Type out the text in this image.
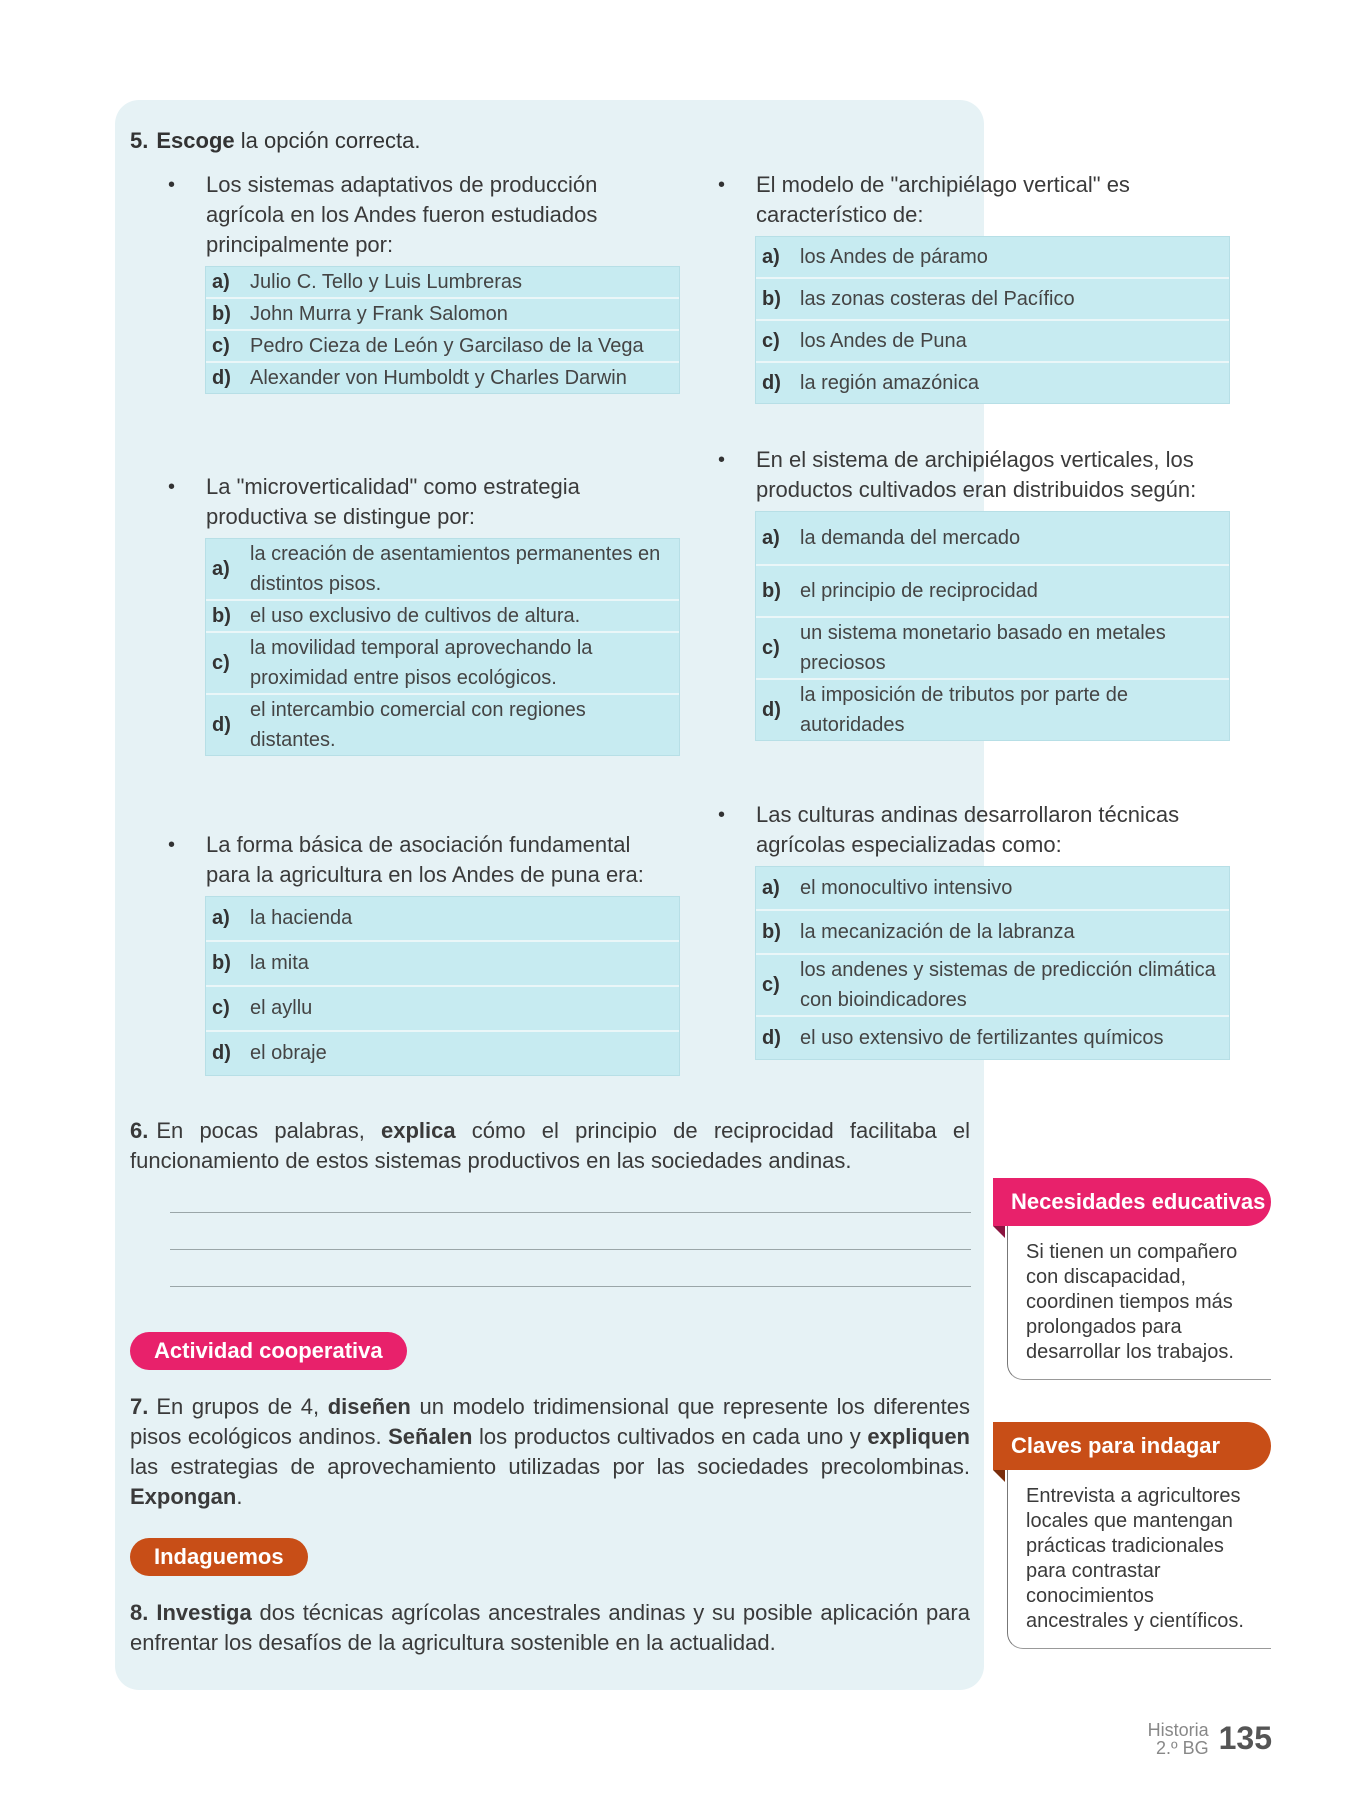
5. Escoge la opción correcta.
• Los sistemas adaptativos de producción agrícola en los Andes fueron estudiados principalmente por:
a)	Julio C. Tello y Luis Lumbreras
b) John Murra y Frank Salomon
c)	Pedro Cieza de León y Garcilaso de la Vega
d) Alexander von Humboldt y Charles Darwin
• La "microverticalidad" como estrategia productiva se distingue por:
a)
la creación de asentamientos permanentes en distintos pisos.
b) el uso exclusivo de cultivos de altura.
c)
la movilidad temporal aprovechando la proximidad entre pisos ecológicos.
d)
el intercambio comercial con regiones distantes.
• La forma básica de asociación fundamental para la agricultura en los Andes de puna era:
a)	la hacienda
b) la mita
c)	el ayllu
d) el obraje
• El modelo de "archipiélago vertical" es característico de:
a)	los Andes de páramo
b) las zonas costeras del Pacífico
c)	los Andes de Puna
d) la región amazónica
• En el sistema de archipiélagos verticales, los productos cultivados eran distribuidos según:
a)	la demanda del mercado
b) el principio de reciprocidad
c)
un sistema monetario basado en metales preciosos
d)
la imposición de tributos por parte de autoridades
• Las culturas andinas desarrollaron técnicas agrícolas especializadas como:
a)	el monocultivo intensivo
b) la mecanización de la labranza
c)
los andenes y sistemas de predicción climática con bioindicadores
d) el uso extensivo de fertilizantes químicos
6. En pocas palabras, explica cómo el principio de reciprocidad facilitaba el funcionamiento de estos sistemas productivos en las sociedades andinas.
Actividad cooperativa
7. En grupos de 4, diseñen un modelo tridimensional que represente los diferentes pisos ecológicos andinos. Señalen los productos cultivados en cada uno y expliquen las estrategias de aprovechamiento utilizadas por las sociedades precolombinas. Expongan.
Indaguemos
8. Investiga dos técnicas agrícolas ancestrales andinas y su posible aplicación para enfrentar los desafíos de la agricultura sostenible en la actualidad.
Necesidades educativas
Si tienen un compañero con discapacidad, coordinen tiempos más prolongados para desarrollar los trabajos.
Claves para indagar
Entrevista a agricultores locales que mantengan prácticas tradicionales para contrastar conocimientos ancestrales y científicos.
Historia
2.º BG 135
